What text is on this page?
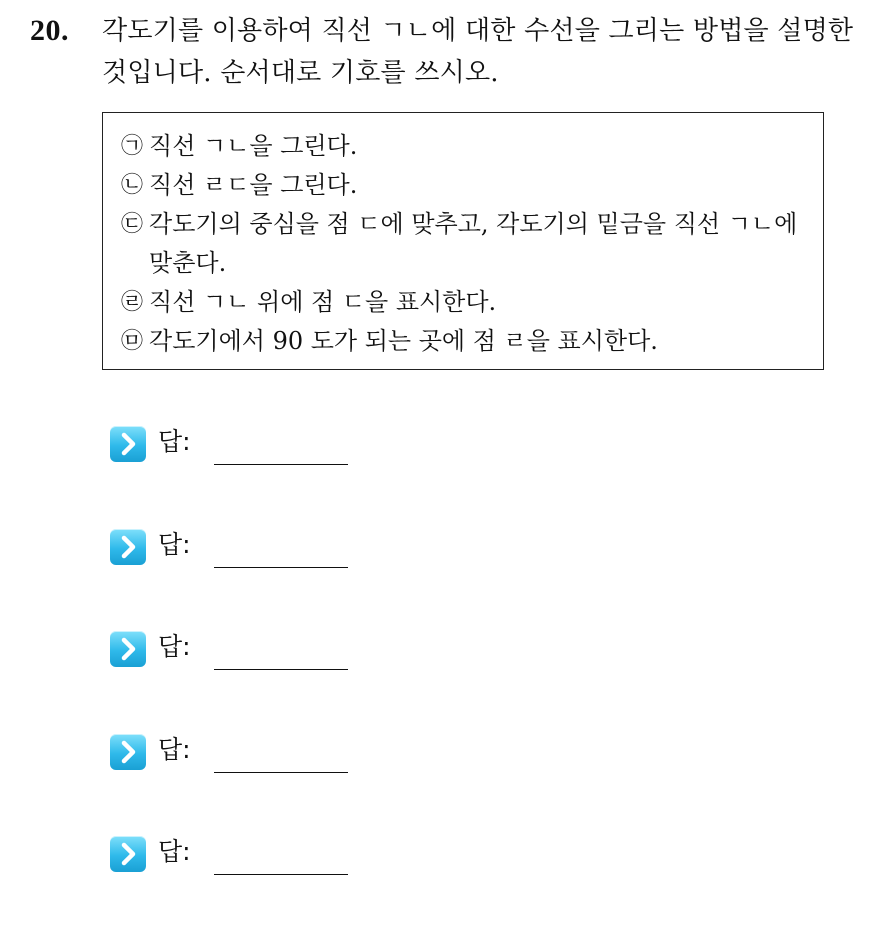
20. 각도기를 이용하여 직선 ㄱㄴ에 대한 수선을 그리는 방법을 설명한 것입니다. 순서대로 기호를 쓰시오.
㉠ 직선 ㄱㄴ을 그린다.
㉡ 직선 ㄹㄷ을 그린다.
㉢ 각도기의 중심을 점 ㄷ에 맞추고, 각도기의 밑금을 직선 ㄱㄴ에 맞춘다.
㉣ 직선 ㄱㄴ 위에 점 ㄷ을 표시한다.
㉤ 각도기에서 90 도가 되는 곳에 점 ㄹ을 표시한다.
답:
답:
답:
답:
답:
